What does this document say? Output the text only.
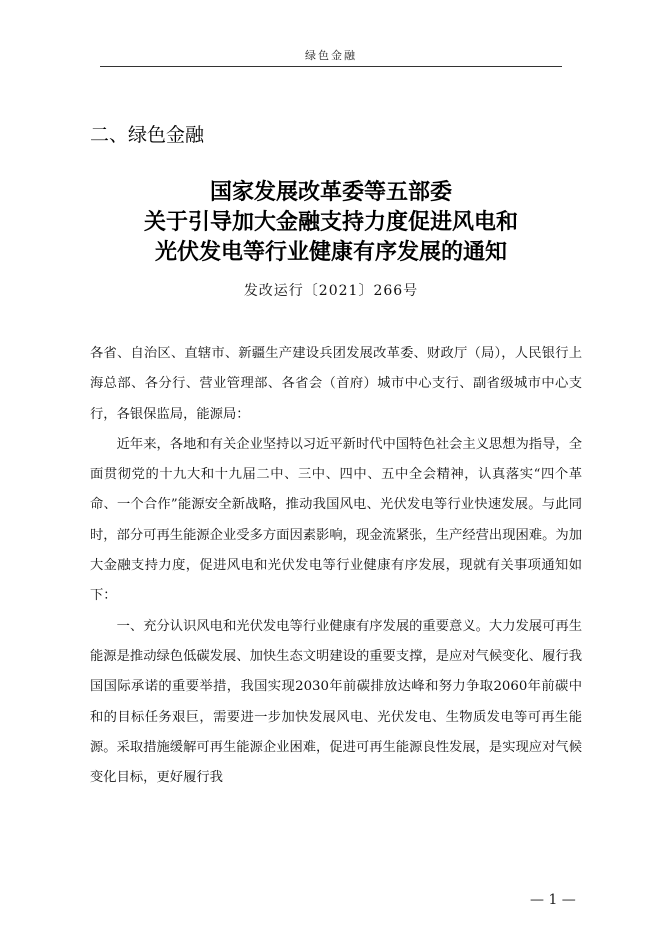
绿色金融
二、绿色金融
国家发展改革委等五部委
关于引导加大金融支持力度促进风电和
光伏发电等行业健康有序发展的通知
发改运行〔2021〕266号

各省、自治区、直辖市、新疆生产建设兵团发展改革委、财政厅（局），人民银行上海总部、各分行、营业管理部、各省会（首府）城市中心支行、副省级城市中心支行，各银保监局，能源局：

近年来，各地和有关企业坚持以习近平新时代中国特色社会主义思想为指导，全面贯彻党的十九大和十九届二中、三中、四中、五中全会精神，认真落实“四个革命、一个合作”能源安全新战略，推动我国风电、光伏发电等行业快速发展。与此同时，部分可再生能源企业受多方面因素影响，现金流紧张，生产经营出现困难。为加大金融支持力度，促进风电和光伏发电等行业健康有序发展，现就有关事项通知如下：

一、充分认识风电和光伏发电等行业健康有序发展的重要意义。大力发展可再生能源是推动绿色低碳发展、加快生态文明建设的重要支撑，是应对气候变化、履行我国国际承诺的重要举措，我国实现2030年前碳排放达峰和努力争取2060年前碳中和的目标任务艰巨，需要进一步加快发展风电、光伏发电、生物质发电等可再生能源。采取措施缓解可再生能源企业困难，促进可再生能源良性发展，是实现应对气候变化目标，更好履行我

— 1 —
